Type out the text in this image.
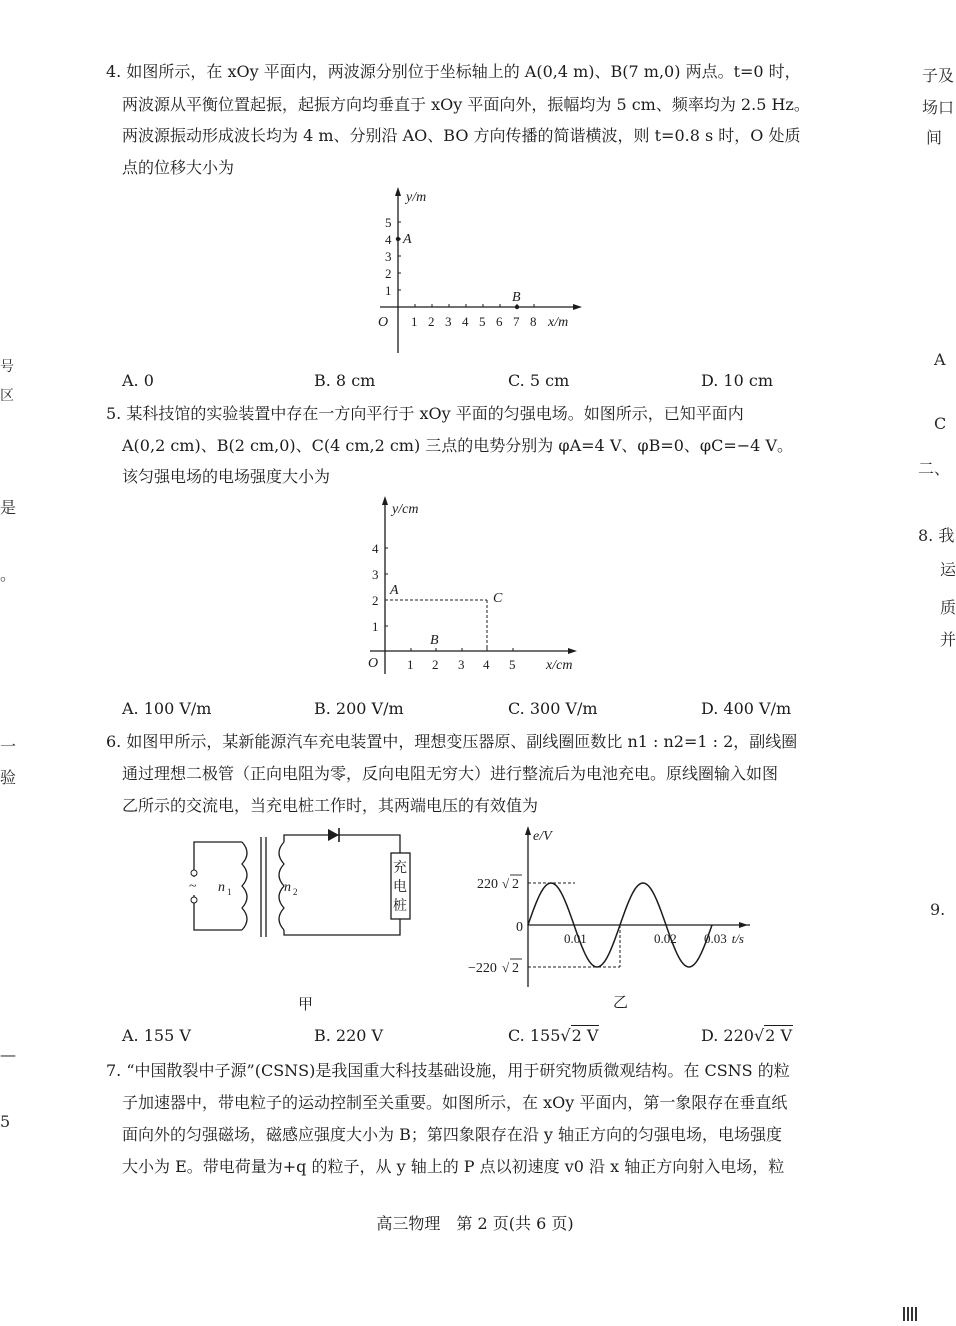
4. 如图所示，在 xOy 平面内，两波源分别位于坐标轴上的 A(0,4 m)、B(7 m,0) 两点。t=0 时，
两波源从平衡位置起振，起振方向均垂直于 xOy 平面向外，振幅均为 5 cm、频率均为 2.5 Hz。
两波源振动形成波长均为 4 m、分别沿 AO、BO 方向传播的简谐横波，则 t=0.8 s 时，O 处质
点的位移大小为
y/m
x/m
O 1 2 3 4 5 6 7 8
1
2
3
4
5
A
B
A. 0	B. 8 cm	C. 5 cm	D. 10 cm
5. 某科技馆的实验装置中存在一方向平行于 xOy 平面的匀强电场。如图所示，已知平面内
A(0,2 cm)、B(2 cm,0)、C(4 cm,2 cm) 三点的电势分别为 φA=4 V、φB=0、φC=−4 V。
该匀强电场的电场强度大小为
y/cm
x/cm
O 1 2 3 4 5
1
2
3
4
A
B
C
A. 100 V/m	B. 200 V/m	C. 300 V/m	D. 400 V/m
6. 如图甲所示，某新能源汽车充电装置中，理想变压器原、副线圈匝数比 n1 : n2=1 : 2，副线圈
通过理想二极管（正向电阻为零，反向电阻无穷大）进行整流后为电池充电。原线圈输入如图
乙所示的交流电，当充电桩工作时，其两端电压的有效值为
~ n 1	n 2
充
电
桩
甲
e/V
0
220 √ 2
−220 √ 2
0.01	0.02 0.03 t/s
乙
A. 155 V	B. 220 V	C. 155√2 V	D. 220√2 V
7. “中国散裂中子源”(CSNS)是我国重大科技基础设施，用于研究物质微观结构。在 CSNS 的粒
子加速器中，带电粒子的运动控制至关重要。如图所示，在 xOy 平面内，第一象限存在垂直纸
面向外的匀强磁场，磁感应强度大小为 B；第四象限存在沿 y 轴正方向的匀强电场，电场强度
大小为 E。带电荷量为+q 的粒子，从 y 轴上的 P 点以初速度 v0 沿 x 轴正方向射入电场，粒
高三物理　第 2 页(共 6 页)
子及
场口
间
A
C
二、
8. 我
运
质
并
9.
号
区
是
。
一
验
—
5
